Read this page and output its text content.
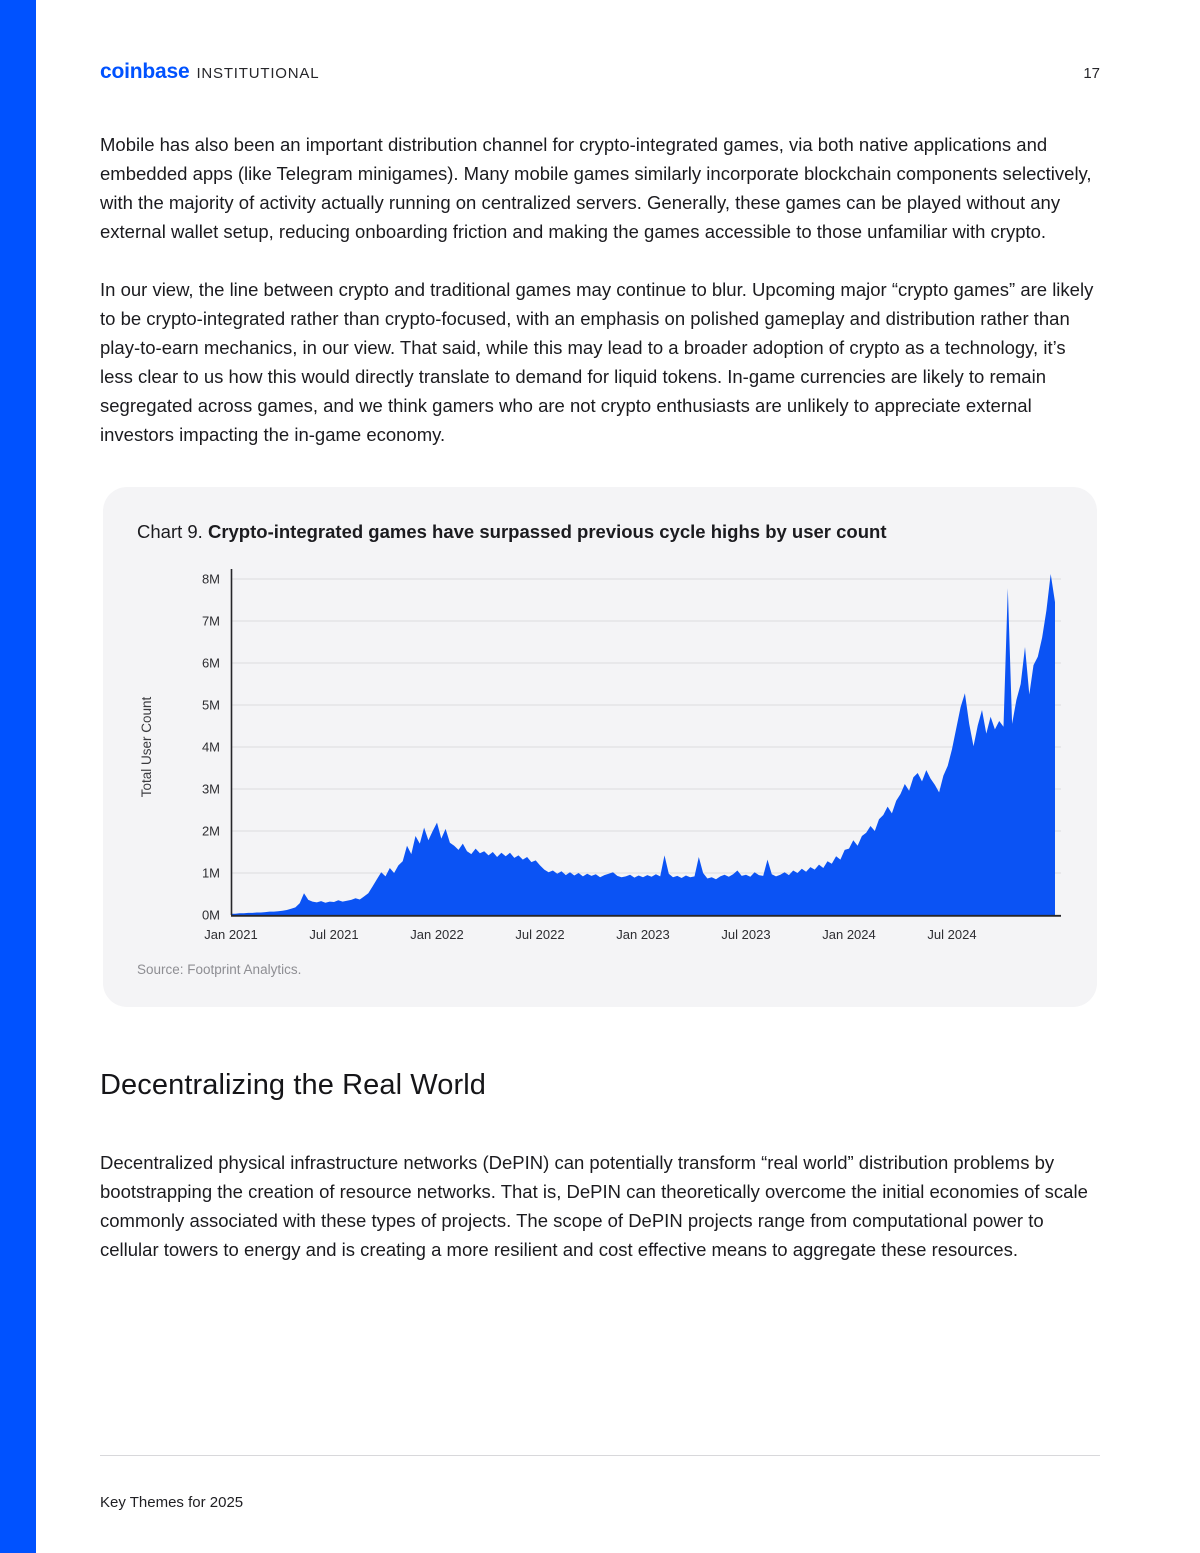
coinbase INSTITUTIONAL	17

Mobile has also been an important distribution channel for crypto-integrated games, via both native applications and embedded apps (like Telegram minigames). Many mobile games similarly incorporate blockchain components selectively, with the majority of activity actually running on centralized servers. Generally, these games can be played without any external wallet setup, reducing onboarding friction and making the games accessible to those unfamiliar with crypto.

In our view, the line between crypto and traditional games may continue to blur. Upcoming major “crypto games” are likely to be crypto-integrated rather than crypto-focused, with an emphasis on polished gameplay and distribution rather than play-to-earn mechanics, in our view. That said, while this may lead to a broader adoption of crypto as a technology, it’s less clear to us how this would directly translate to demand for liquid tokens. In-game currencies are likely to remain segregated across games, and we think gamers who are not crypto enthusiasts are unlikely to appreciate external investors impacting the in-game economy.

Chart 9. Crypto-integrated games have surpassed previous cycle highs by user count
0M
1M
2M
3M
4M
5M
6M
7M
8M
Jan 2021	Jul 2021	Jan 2022	Jul 2022	Jan 2023	Jul 2023	Jan 2024	Jul 2024
Total User Count
Source: Footprint Analytics.
Decentralizing the Real World

Decentralized physical infrastructure networks (DePIN) can potentially transform “real world” distribution problems by bootstrapping the creation of resource networks. That is, DePIN can theoretically overcome the initial economies of scale commonly associated with these types of projects. The scope of DePIN projects range from computational power to cellular towers to energy and is creating a more resilient and cost effective means to aggregate these resources.

Key Themes for 2025
